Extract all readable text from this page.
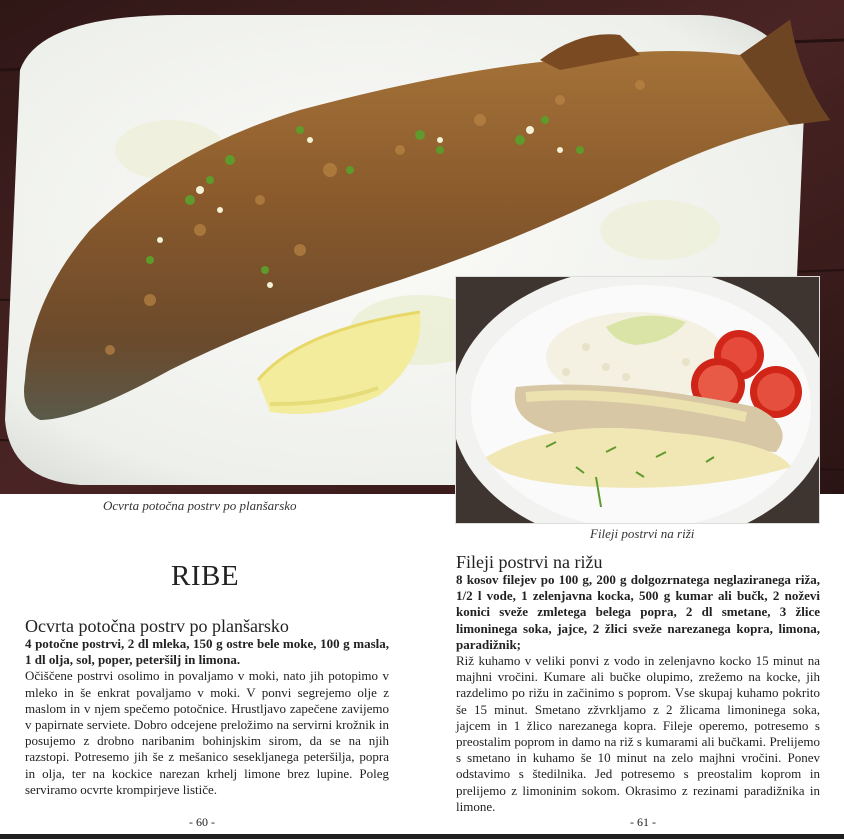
Ocvrta potočna postrv po planšarsko
Fileji postrvi na riži
RIBE
Ocvrta potočna postrv po planšarsko

4 potočne postrvi, 2 dl mleka, 150 g ostre bele moke, 100 g masla, 1 dl olja, sol, poper, peteršilj in limona.

Očiščene postrvi osolimo in povaljamo v moki, nato jih potopimo v mleko in še enkrat povaljamo v moki. V ponvi segrejemo olje z maslom in v njem spečemo potočnice. Hrustljavo zapečene zavijemo v papirnate serviete. Dobro odcejene preložimo na servirni krožnik in posujemo z drobno naribanim bohinjskim sirom, da se na njih razstopi. Potresemo jih še z mešanico sesekljanega peteršilja, popra in olja, ter na kockice narezan krhelj limone brez lupine. Poleg serviramo ocvrte krompirjeve lističe.

Fileji postrvi na rižu

8 kosov filejev po 100 g, 200 g dolgozrnatega neglaziranega riža, 1/2 l vode, 1 zelenjavna kocka, 500 g kumar ali bučk, 2 noževi konici sveže zmletega belega popra, 2 dl smetane, 3 žlice limoninega soka, jajce, 2 žlici sveže narezanega kopra, limona, paradižnik;

Riž kuhamo v veliki ponvi z vodo in zelenjavno kocko 15 minut na majhni vročini. Kumare ali bučke olupimo, zrežemo na kocke, jih razdelimo po rižu in začinimo s poprom. Vse skupaj kuhamo pokrito še 15 minut. Smetano zžvrkljamo z 2 žlicama limoninega soka, jajcem in 1 žlico narezanega kopra. Fileje operemo, potresemo s preostalim poprom in damo na riž s kumarami ali bučkami. Prelijemo s smetano in kuhamo še 10 minut na zelo majhni vročini. Ponev odstavimo s štedilnika. Jed potresemo s preostalim koprom in prelijemo z limoninim sokom. Okrasimo z rezinami paradižnika in limone.

- 60 -	- 61 -
